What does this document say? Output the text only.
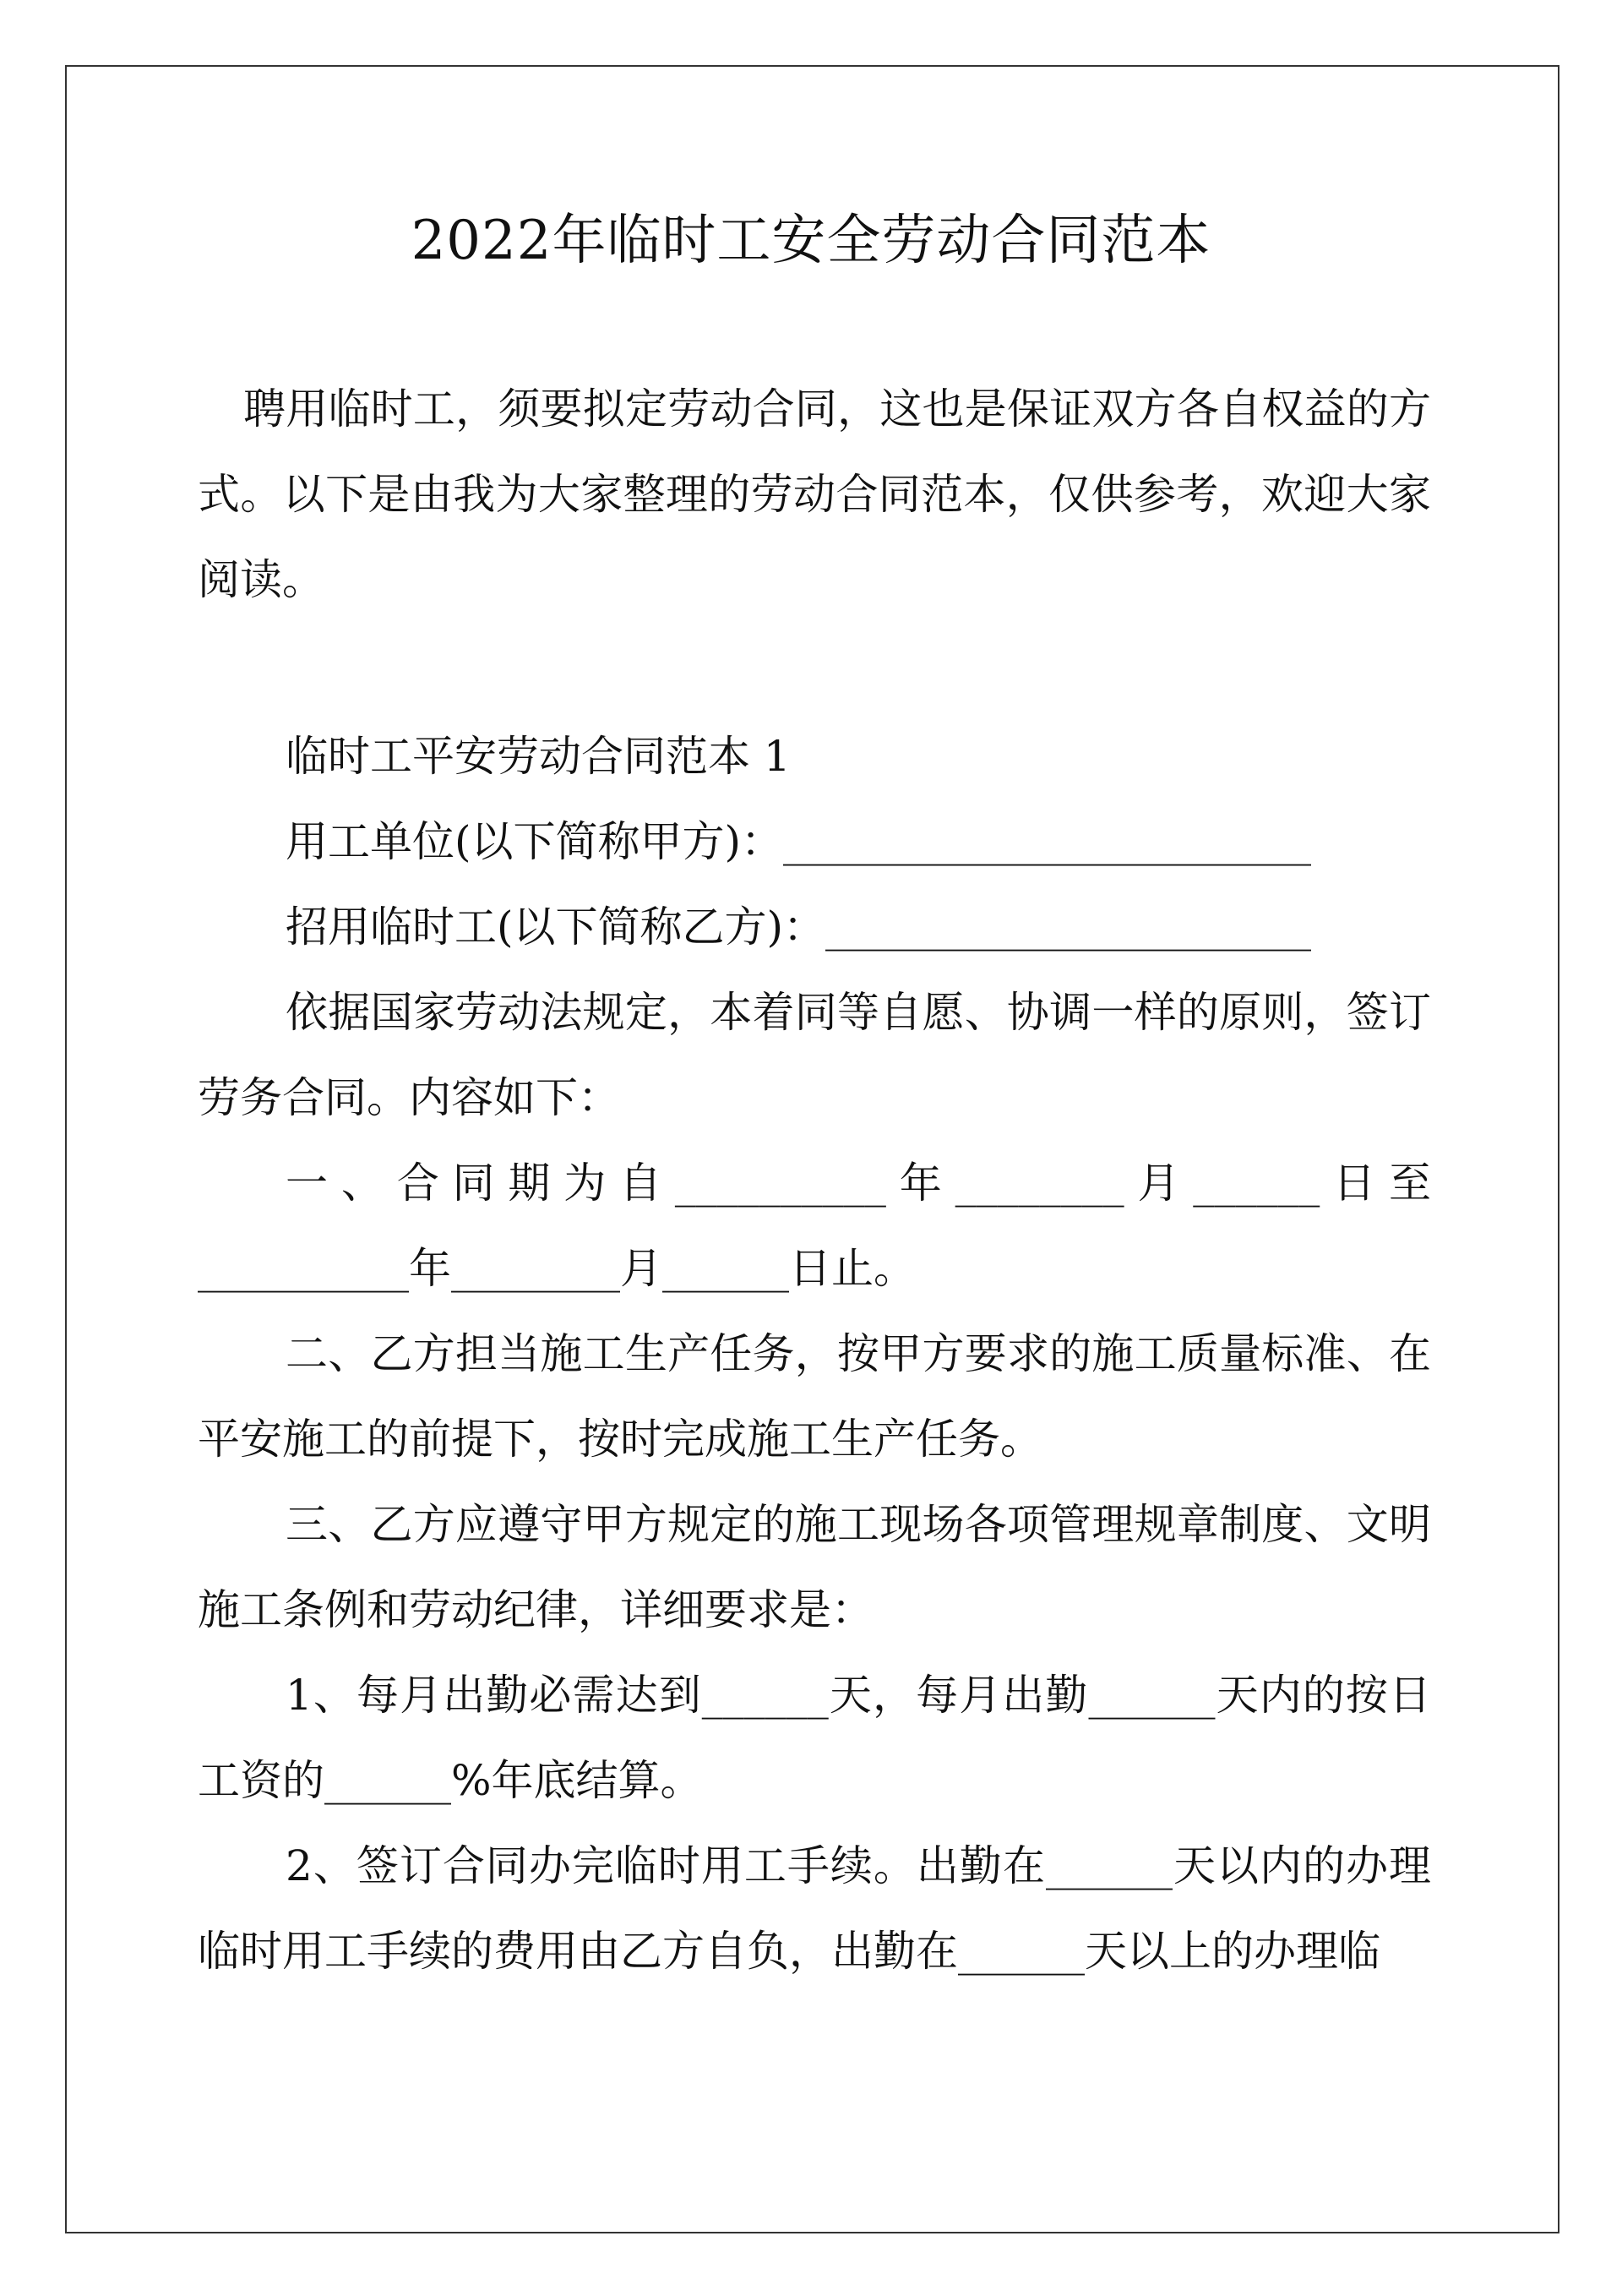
2022年临时工安全劳动合同范本

聘用临时工，须要拟定劳动合同，这也是保证双方各自权益的方式。以下是由我为大家整理的劳动合同范本，仅供参考，欢迎大家阅读。

临时工平安劳动合同范本 1

用工单位(以下简称甲方)：_________________________

招用临时工(以下简称乙方)：_______________________

依据国家劳动法规定，本着同等自愿、协调一样的原则，签订劳务合同。内容如下：

一、合同期为自__________年________月______日至

__________年________月______日止。

二、乙方担当施工生产任务，按甲方要求的施工质量标准、在平安施工的前提下，按时完成施工生产任务。

三、乙方应遵守甲方规定的施工现场各项管理规章制度、文明施工条例和劳动纪律，详细要求是：

1、每月出勤必需达到______天，每月出勤______天内的按日工资的______%年底结算。

2、签订合同办完临时用工手续。出勤在______天以内的办理临时用工手续的费用由乙方自负，出勤在______天以上的办理临
